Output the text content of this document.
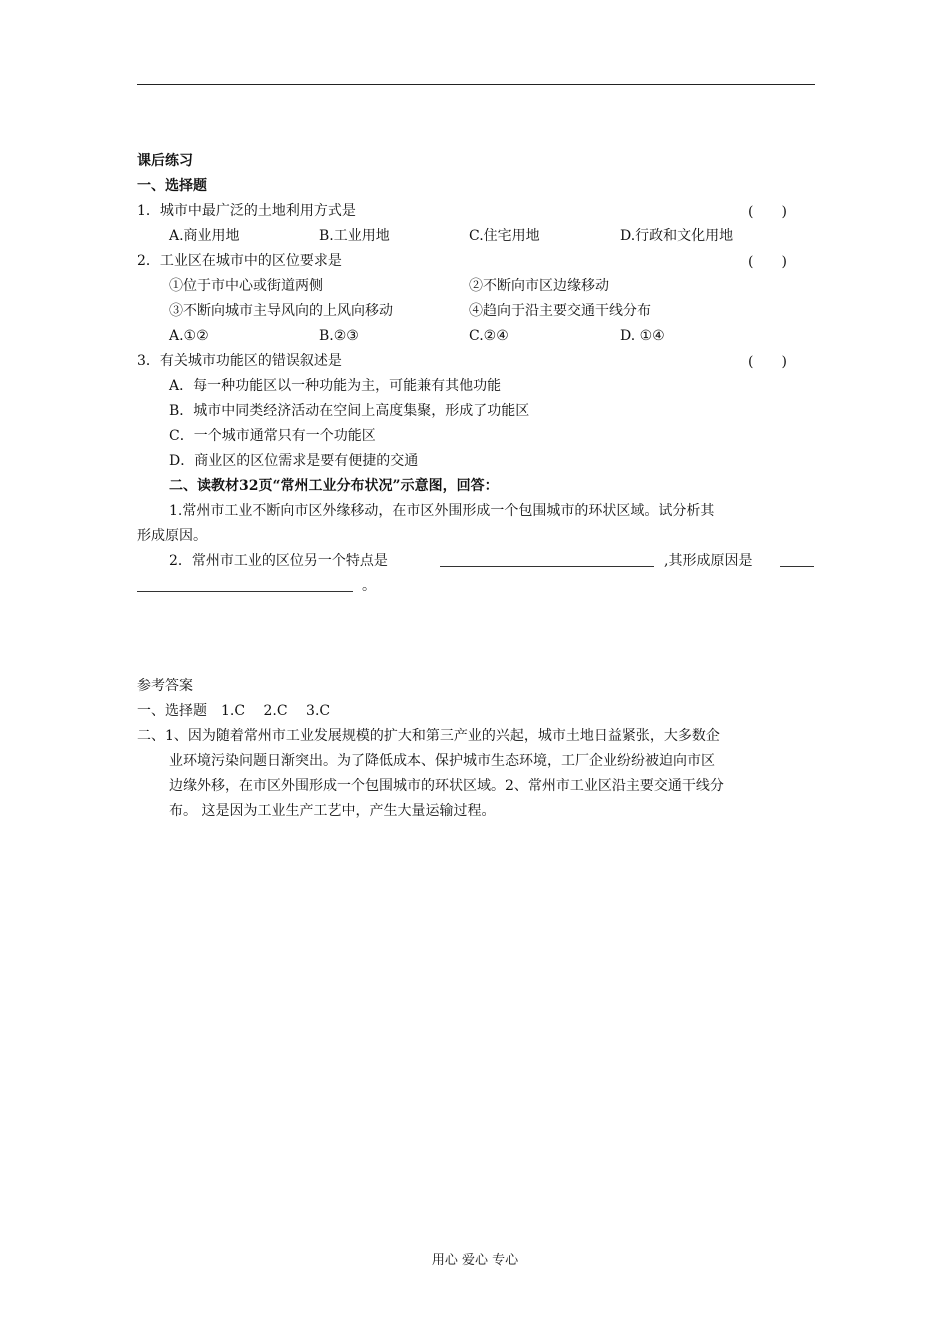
课后练习
一、选择题
1．城市中最广泛的土地利用方式是	(　　)
A.商业用地	B.工业用地	C.住宅用地	D.行政和文化用地
2．工业区在城市中的区位要求是	(　　)
①位于市中心或街道两侧	②不断向市区边缘移动
③不断向城市主导风向的上风向移动	④趋向于沿主要交通干线分布
A.①②	B.②③	C.②④	D. ①④
3．有关城市功能区的错误叙述是	(　　)
A．每一种功能区以一种功能为主，可能兼有其他功能
B．城市中同类经济活动在空间上高度集聚，形成了功能区
C．一个城市通常只有一个功能区
D．商业区的区位需求是要有便捷的交通
二、读教材32页“常州工业分布状况”示意图，回答：
1.常州市工业不断向市区外缘移动，在市区外围形成一个包围城市的环状区域。试分析其
形成原因。
2．常州市工业的区位另一个特点是	,其形成原因是
。
参考答案
一、选择题　1.C　 2.C　 3.C
二、1、因为随着常州市工业发展规模的扩大和第三产业的兴起，城市土地日益紧张，大多数企
业环境污染问题日渐突出。为了降低成本、保护城市生态环境，工厂企业纷纷被迫向市区
边缘外移，在市区外围形成一个包围城市的环状区域。2、常州市工业区沿主要交通干线分
布。 这是因为工业生产工艺中，产生大量运输过程。
用心 爱心 专心
